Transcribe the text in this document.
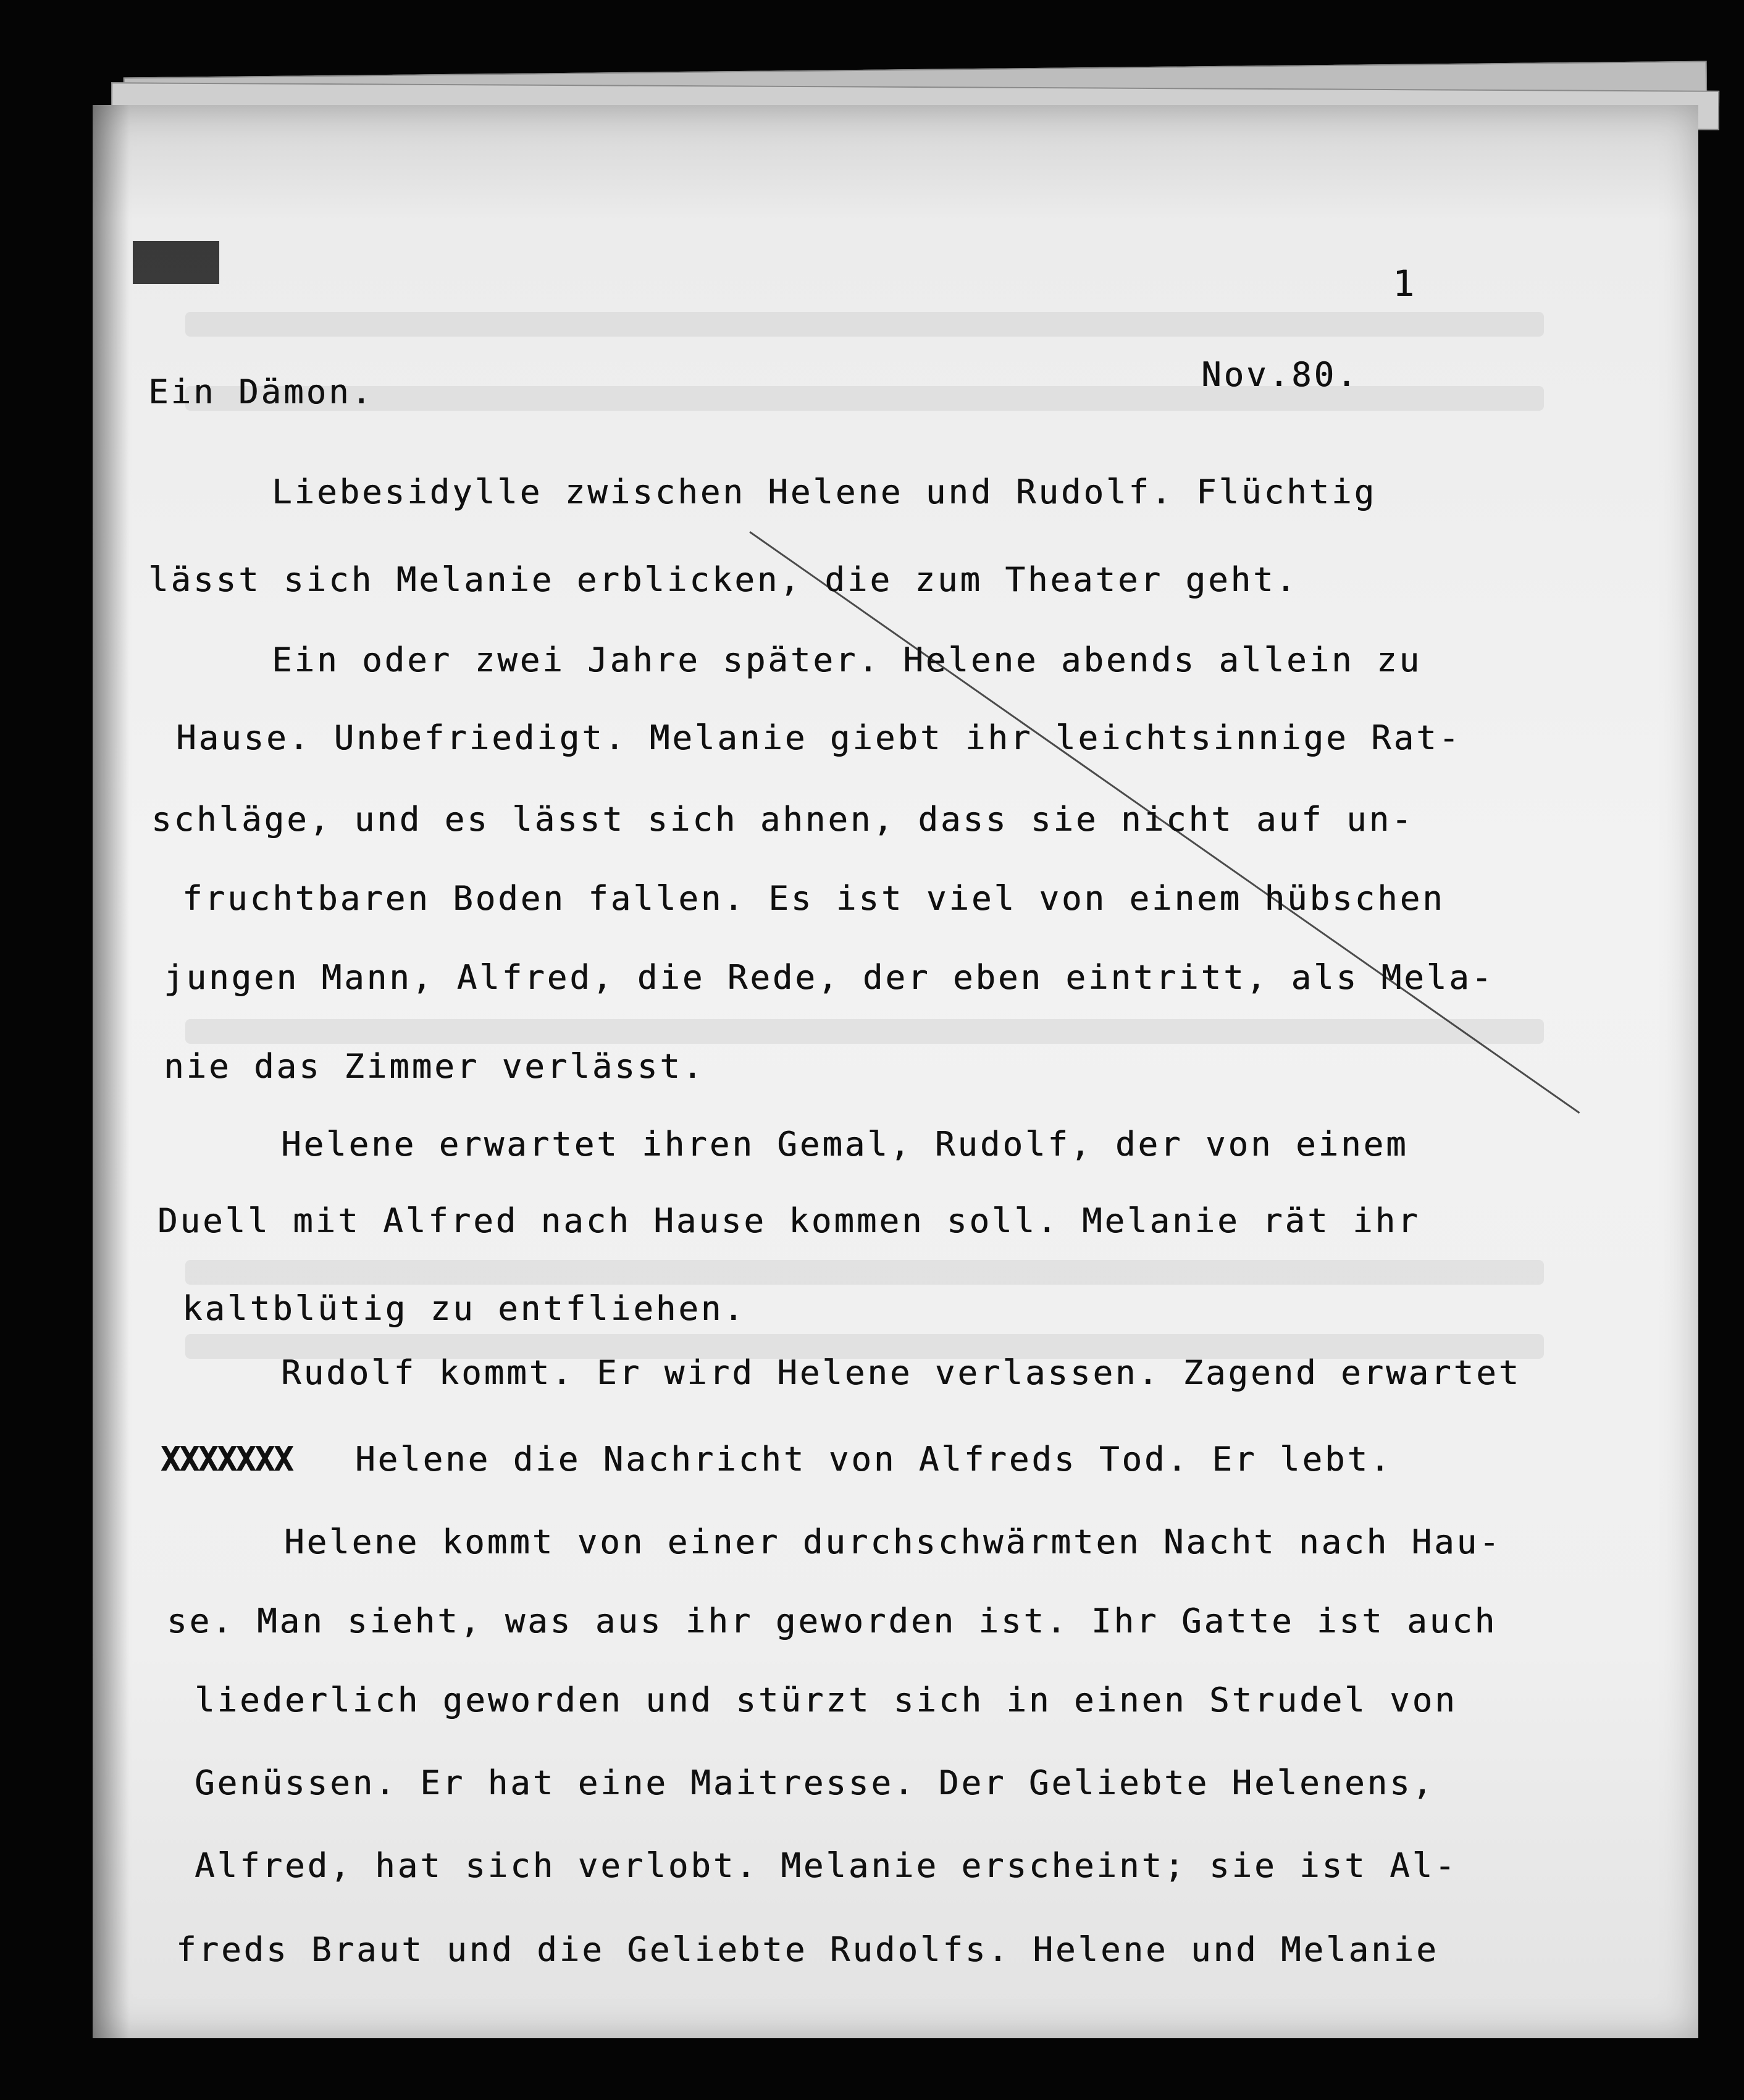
1
Ein Dämon.	Nov.80.
Liebesidylle zwischen Helene und Rudolf. Flüchtig
lässt sich Melanie erblicken, die zum Theater geht.
Ein oder zwei Jahre später. Helene abends allein zu
Hause. Unbefriedigt. Melanie giebt ihr leichtsinnige Rat-
schläge, und es lässt sich ahnen, dass sie nicht auf un-
fruchtbaren Boden fallen. Es ist viel von einem hübschen
jungen Mann, Alfred, die Rede, der eben eintritt, als Mela-
nie das Zimmer verlässt.
Helene erwartet ihren Gemal, Rudolf, der von einem
Duell mit Alfred nach Hause kommen soll. Melanie rät ihr
kaltblütig zu entfliehen.
Rudolf kommt. Er wird Helene verlassen. Zagend erwartet
XXXXXXX Helene die Nachricht von Alfreds Tod. Er lebt.
Helene kommt von einer durchschwärmten Nacht nach Hau-
se. Man sieht, was aus ihr geworden ist. Ihr Gatte ist auch
liederlich geworden und stürzt sich in einen Strudel von
Genüssen. Er hat eine Maitresse. Der Geliebte Helenens,
Alfred, hat sich verlobt. Melanie erscheint; sie ist Al-
freds Braut und die Geliebte Rudolfs. Helene und Melanie
